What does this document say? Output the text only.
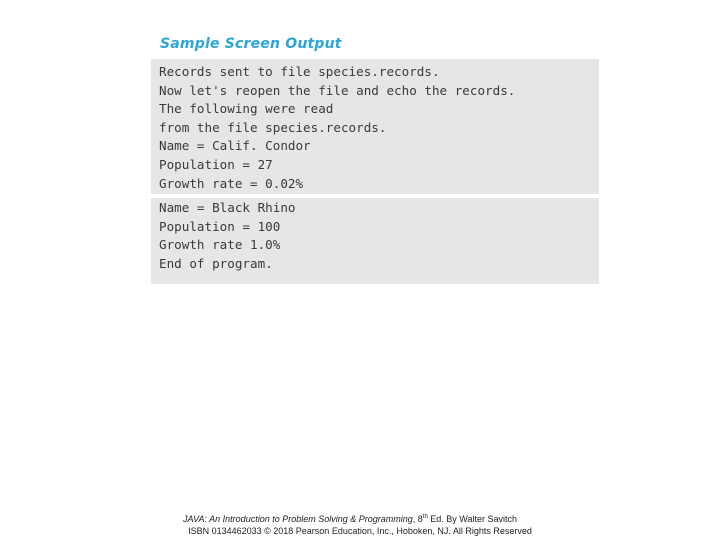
Sample Screen Output
Records sent to file species.records.
Now let's reopen the file and echo the records.
The following were read
from the file species.records.
Name = Calif. Condor
Population = 27
Growth rate = 0.02%
Name = Black Rhino
Population = 100
Growth rate 1.0%
End of program.
JAVA: An Introduction to Problem Solving & Programming, 8th Ed. By Walter Savitch
ISBN 0134462033 © 2018 Pearson Education, Inc., Hoboken, NJ. All Rights Reserved
